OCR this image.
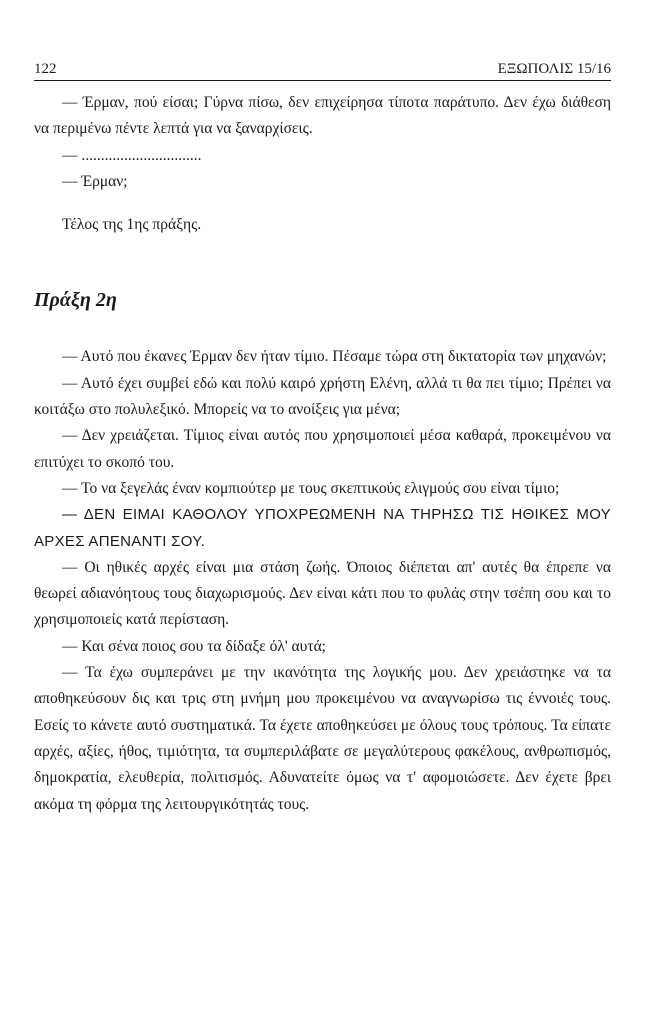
122	ΕΞΩΠΟΛΙΣ 15/16

— Έρμαν, πού είσαι; Γύρνα πίσω, δεν επιχείρησα τίποτα παράτυπο. Δεν έχω διάθεση να περιμένω πέντε λεπτά για να ξαναρχίσεις.

— ...............................

— Έρμαν;

Τέλος της 1ης πράξης.

Πράξη 2η

— Αυτό που έκανες Έρμαν δεν ήταν τίμιο. Πέσαμε τώρα στη δικτατορία των μηχανών;

— Αυτό έχει συμβεί εδώ και πολύ καιρό χρήστη Ελένη, αλλά τι θα πει τίμιο; Πρέπει να κοιτάξω στο πολυλεξικό. Μπορείς να το ανοίξεις για μένα;

— Δεν χρειάζεται. Τίμιος είναι αυτός που χρησιμοποιεί μέσα καθαρά, προκειμένου να επιτύχει το σκοπό του.

— Το να ξεγελάς έναν κομπιούτερ με τους σκεπτικούς ελιγμούς σου είναι τίμιο;

— ΔΕΝ ΕΙΜΑΙ ΚΑΘΟΛΟΥ ΥΠΟΧΡΕΩΜΕΝΗ ΝΑ ΤΗΡΗΣΩ ΤΙΣ ΗΘΙΚΕΣ ΜΟΥ ΑΡΧΕΣ ΑΠΕΝΑΝΤΙ ΣΟΥ.

— Οι ηθικές αρχές είναι μια στάση ζωής. Όποιος διέπεται απ' αυτές θα έπρεπε να θεωρεί αδιανόητους τους διαχωρισμούς. Δεν είναι κάτι που το φυλάς στην τσέπη σου και το χρησιμοποιείς κατά περίσταση.

— Και σένα ποιος σου τα δίδαξε όλ' αυτά;

— Τα έχω συμπεράνει με την ικανότητα της λογικής μου. Δεν χρειάστηκε να τα αποθηκεύσουν δις και τρις στη μνήμη μου προκειμένου να αναγνωρίσω τις έννοιές τους. Εσείς το κάνετε αυτό συστηματικά. Τα έχετε αποθηκεύσει με όλους τους τρόπους. Τα είπατε αρχές, αξίες, ήθος, τιμιότητα, τα συμπεριλάβατε σε μεγαλύτερους φακέλους, ανθρωπισμός, δημοκρατία, ελευθερία, πολιτισμός. Αδυνατείτε όμως να τ' αφομοιώσετε. Δεν έχετε βρει ακόμα τη φόρμα της λειτουργικότητάς τους.
